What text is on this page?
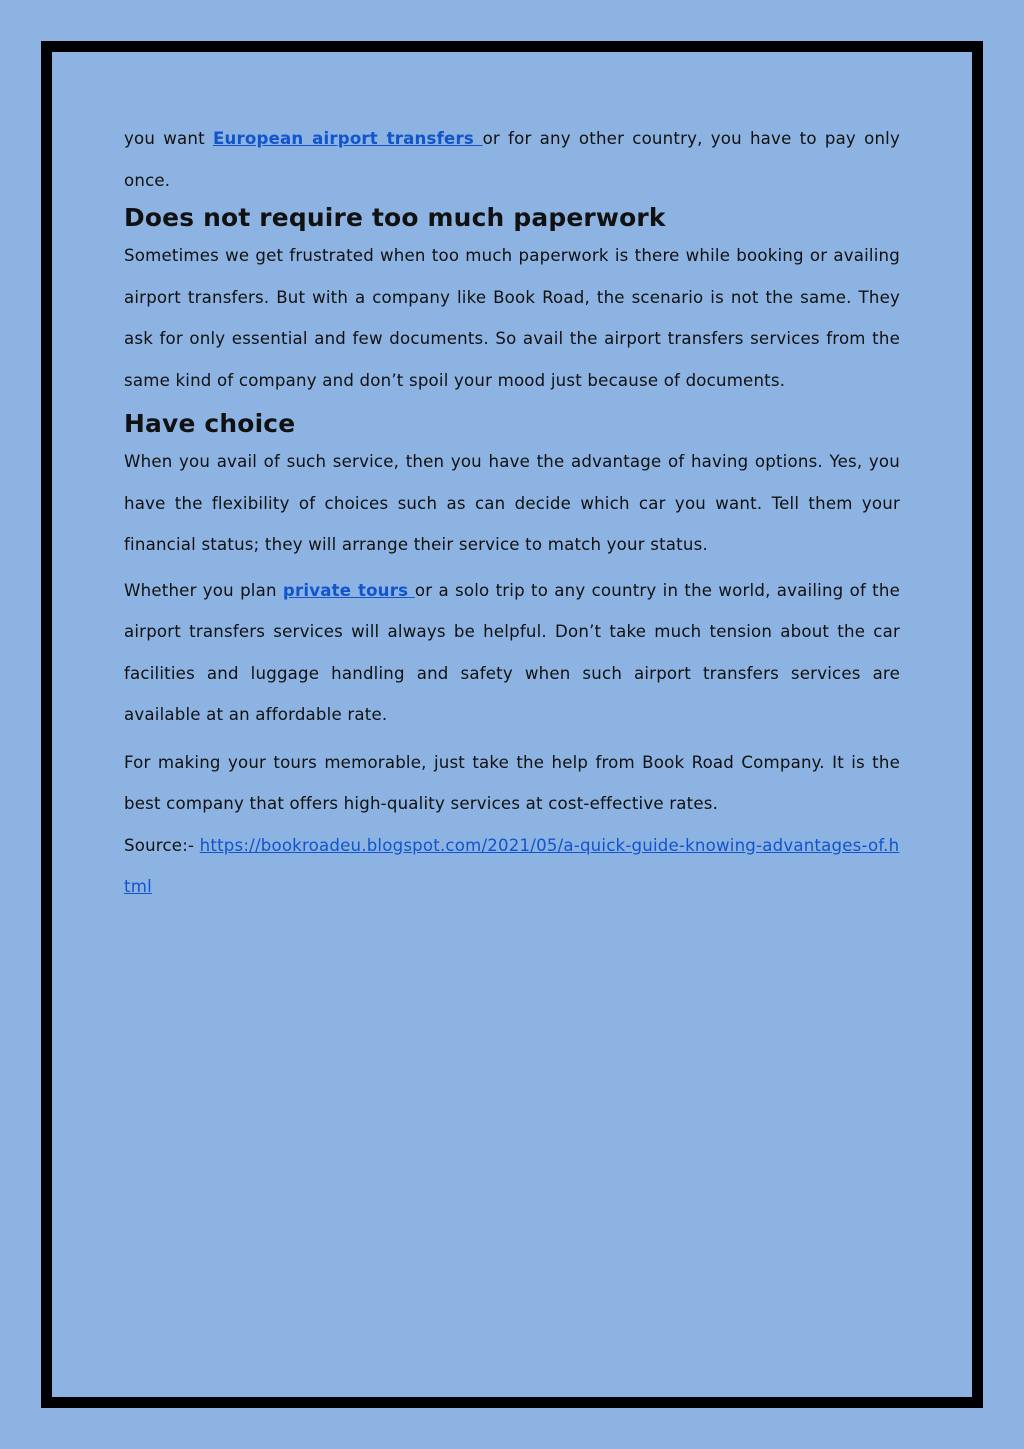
you want European airport transfers or for any other country, you have to pay only once.

Does not require too much paperwork

Sometimes we get frustrated when too much paperwork is there while booking or availing airport transfers. But with a company like Book Road, the scenario is not the same. They ask for only essential and few documents. So avail the airport transfers services from the same kind of company and don’t spoil your mood just because of documents.

Have choice

When you avail of such service, then you have the advantage of having options. Yes, you have the flexibility of choices such as can decide which car you want. Tell them your financial status; they will arrange their service to match your status.

Whether you plan private tours or a solo trip to any country in the world, availing of the airport transfers services will always be helpful. Don’t take much tension about the car facilities and luggage handling and safety when such airport transfers services are available at an affordable rate.

For making your tours memorable, just take the help from Book Road Company. It is the best company that offers high-quality services at cost-effective rates.

Source:- https://bookroadeu.blogspot.com/2021/05/a-quick-guide-knowing-advantages-of.html
